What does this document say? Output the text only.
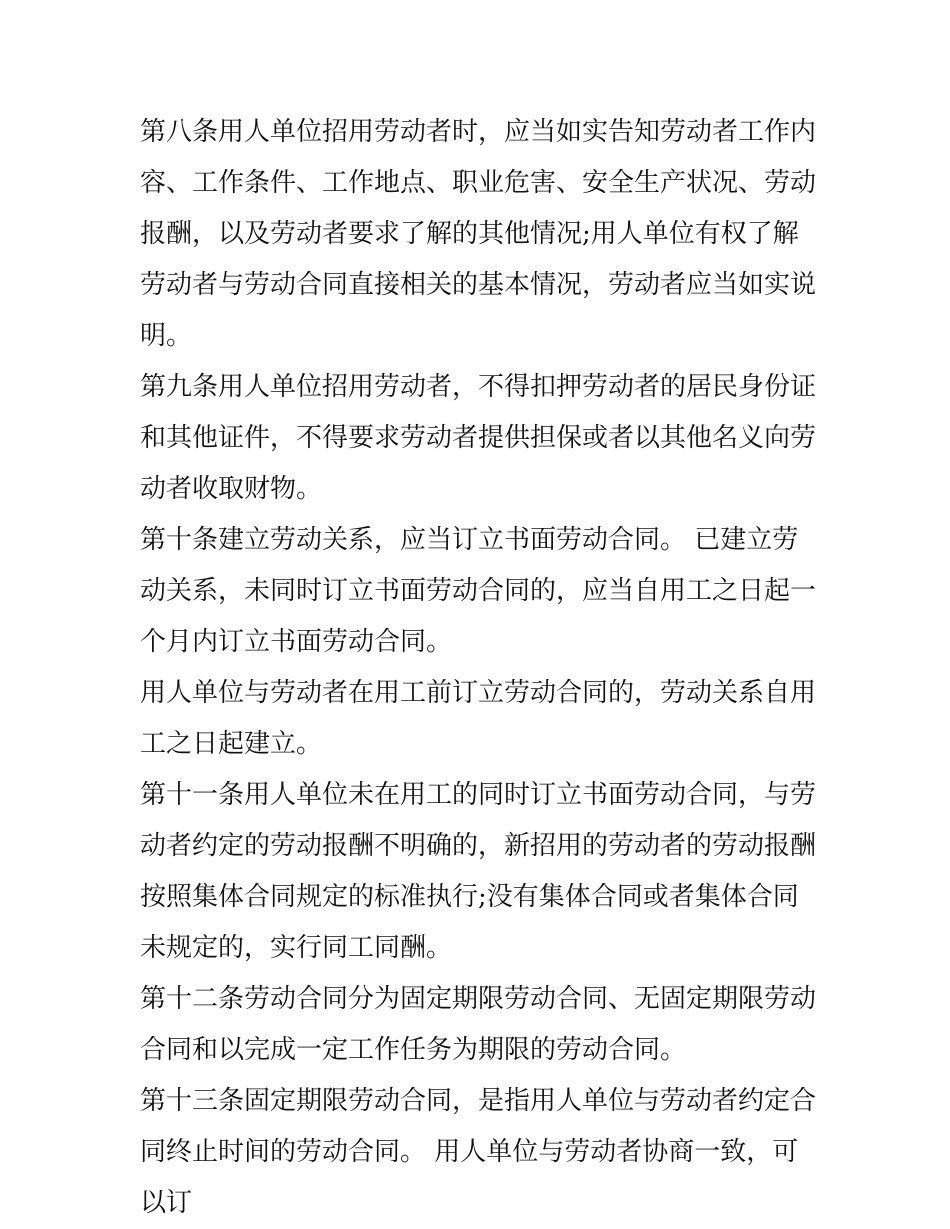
第八条用人单位招用劳动者时，应当如实告知劳动者工作内容、工作条件、工作地点、职业危害、安全生产状况、劳动报酬，以及劳动者要求了解的其他情况;用人单位有权了解劳动者与劳动合同直接相关的基本情况，劳动者应当如实说明。

第九条用人单位招用劳动者，不得扣押劳动者的居民身份证和其他证件，不得要求劳动者提供担保或者以其他名义向劳动者收取财物。

第十条建立劳动关系，应当订立书面劳动合同。 已建立劳动关系，未同时订立书面劳动合同的，应当自用工之日起一个月内订立书面劳动合同。

用人单位与劳动者在用工前订立劳动合同的，劳动关系自用工之日起建立。

第十一条用人单位未在用工的同时订立书面劳动合同，与劳动者约定的劳动报酬不明确的，新招用的劳动者的劳动报酬按照集体合同规定的标准执行;没有集体合同或者集体合同未规定的，实行同工同酬。

第十二条劳动合同分为固定期限劳动合同、无固定期限劳动合同和以完成一定工作任务为期限的劳动合同。

第十三条固定期限劳动合同，是指用人单位与劳动者约定合同终止时间的劳动合同。 用人单位与劳动者协商一致，可以订
